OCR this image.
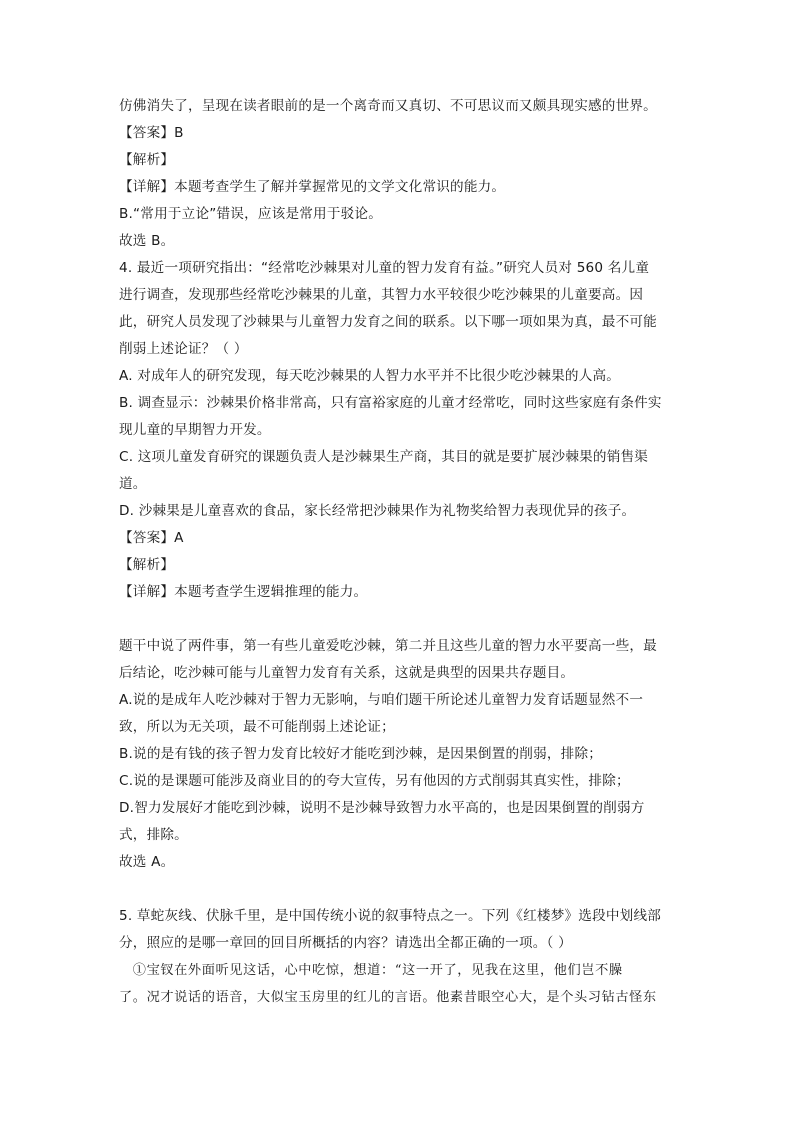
仿佛消失了，呈现在读者眼前的是一个离奇而又真切、不可思议而又颇具现实感的世界。
【答案】B
【解析】
【详解】本题考查学生了解并掌握常见的文学文化常识的能力。
B.“常用于立论”错误，应该是常用于驳论。
故选 B。
4. 最近一项研究指出：“经常吃沙棘果对儿童的智力发育有益。”研究人员对 560 名儿童
进行调查，发现那些经常吃沙棘果的儿童，其智力水平较很少吃沙棘果的儿童要高。因
此，研究人员发现了沙棘果与儿童智力发育之间的联系。以下哪一项如果为真，最不可能
削弱上述论证？（ ）
A. 对成年人的研究发现，每天吃沙棘果的人智力水平并不比很少吃沙棘果的人高。
B. 调查显示：沙棘果价格非常高，只有富裕家庭的儿童才经常吃，同时这些家庭有条件实
现儿童的早期智力开发。
C. 这项儿童发育研究的课题负责人是沙棘果生产商，其目的就是要扩展沙棘果的销售渠
道。
D. 沙棘果是儿童喜欢的食品，家长经常把沙棘果作为礼物奖给智力表现优异的孩子。
【答案】A
【解析】
【详解】本题考查学生逻辑推理的能力。
题干中说了两件事，第一有些儿童爱吃沙棘，第二并且这些儿童的智力水平要高一些，最
后结论，吃沙棘可能与儿童智力发育有关系，这就是典型的因果共存题目。
A.说的是成年人吃沙棘对于智力无影响，与咱们题干所论述儿童智力发育话题显然不一
致，所以为无关项，最不可能削弱上述论证；
B.说的是有钱的孩子智力发育比较好才能吃到沙棘，是因果倒置的削弱，排除；
C.说的是课题可能涉及商业目的的夸大宣传，另有他因的方式削弱其真实性，排除；
D.智力发展好才能吃到沙棘，说明不是沙棘导致智力水平高的，也是因果倒置的削弱方
式，排除。
故选 A。
5. 草蛇灰线、伏脉千里，是中国传统小说的叙事特点之一。下列《红楼梦》选段中划线部
分，照应的是哪一章回的回目所概括的内容？请选出全都正确的一项。（ ）
　①宝钗在外面听见这话，心中吃惊，想道：“这一开了，见我在这里，他们岂不臊
了。况才说话的语音，大似宝玉房里的红儿的言语。他素昔眼空心大，是个头习钻古怪东
